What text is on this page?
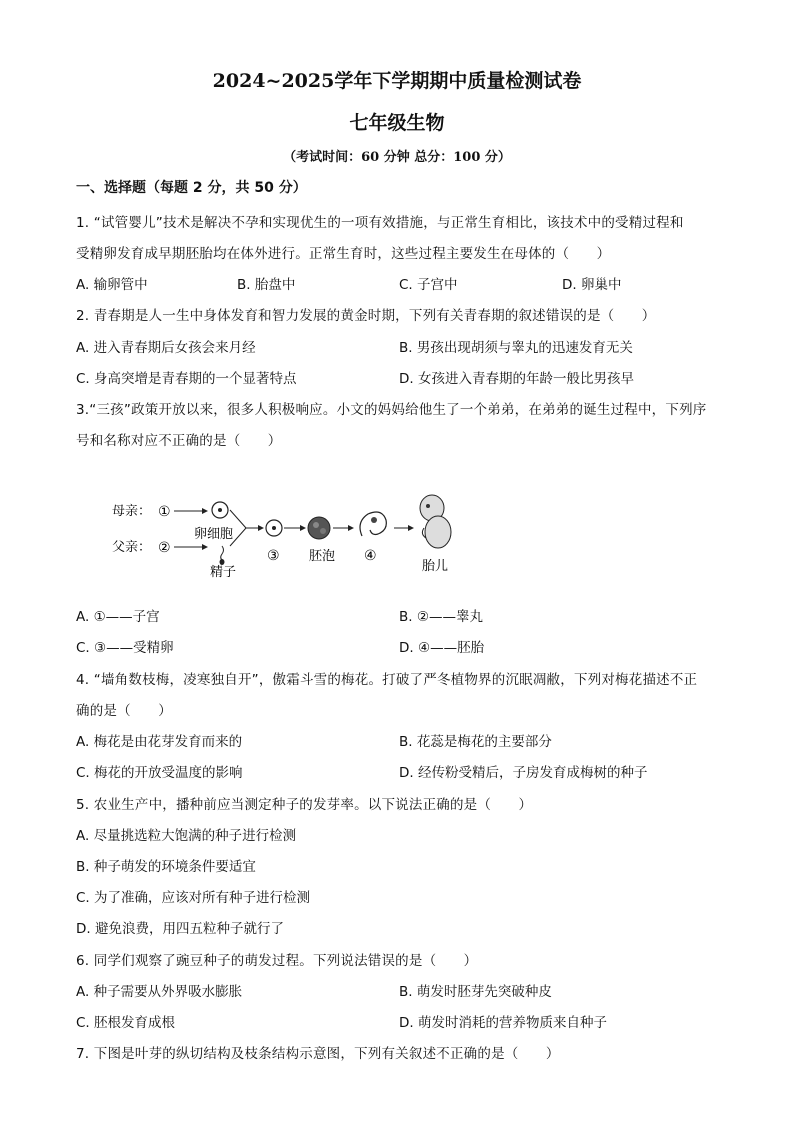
2024~2025学年下学期期中质量检测试卷
七年级生物
（考试时间：60 分钟 总分：100 分）
一、选择题（每题 2 分，共 50 分）
1. “试管婴儿”技术是解决不孕和实现优生的一项有效措施，与正常生育相比，该技术中的受精过程和
受精卵发育成早期胚胎均在体外进行。正常生育时，这些过程主要发生在母体的（　　）
A. 输卵管中	B. 胎盘中	C. 子宫中	D. 卵巢中
2. 青春期是人一生中身体发育和智力发展的黄金时期，下列有关青春期的叙述错误的是（　　）
A. 进入青春期后女孩会来月经	B. 男孩出现胡须与睾丸的迅速发育无关
C. 身高突增是青春期的一个显著特点	D. 女孩进入青春期的年龄一般比男孩早
3.“三孩”政策开放以来，很多人积极响应。小文的妈妈给他生了一个弟弟，在弟弟的诞生过程中，下列序
号和名称对应不正确的是（　　）
母亲：
父亲：
①
②
卵细胞
精子
③ 胚泡 ④
胎儿
A. ①——子宫	B. ②——睾丸
C. ③——受精卵	D. ④——胚胎
4. “墙角数枝梅，凌寒独自开”，傲霜斗雪的梅花。打破了严冬植物界的沉眠凋敝，下列对梅花描述不正
确的是（　　）
A. 梅花是由花芽发育而来的	B. 花蕊是梅花的主要部分
C. 梅花的开放受温度的影响	D. 经传粉受精后，子房发育成梅树的种子
5. 农业生产中，播种前应当测定种子的发芽率。以下说法正确的是（　　）
A. 尽量挑选粒大饱满的种子进行检测
B. 种子萌发的环境条件要适宜
C. 为了准确，应该对所有种子进行检测
D. 避免浪费，用四五粒种子就行了
6. 同学们观察了豌豆种子的萌发过程。下列说法错误的是（　　）
A. 种子需要从外界吸水膨胀	B. 萌发时胚芽先突破种皮
C. 胚根发育成根	D. 萌发时消耗的营养物质来自种子
7. 下图是叶芽的纵切结构及枝条结构示意图，下列有关叙述不正确的是（　　）
